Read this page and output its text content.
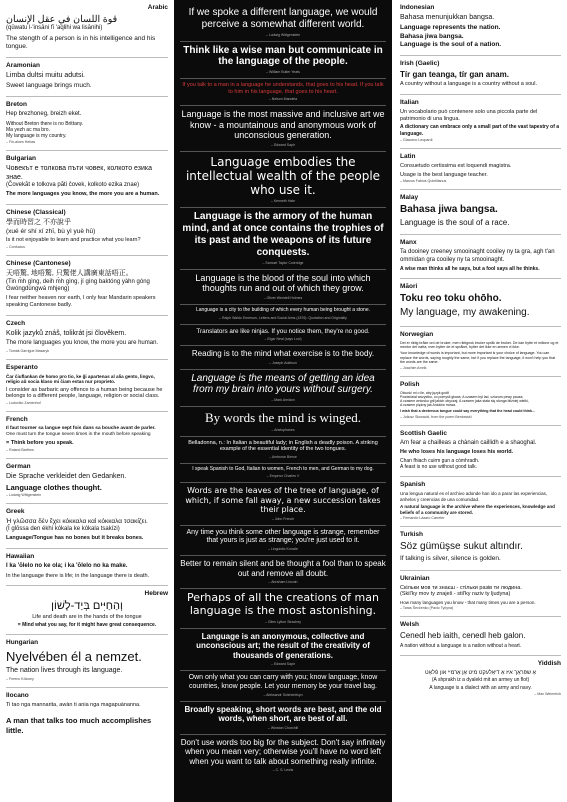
Arabic
قوة اللسان في عقل الإنسان
(qūwatu l-'insāni fī 'aqlihi wa lisānihi)
The stength of a person is in his intelligence and his tongue.
Aramonian
Limba dultsi muitu adutsi.
Sweet language brings much.
Breton
Hep brezhoneg, breizh eket.
Without Breton there is no Brittany.
Ma yezh ac ma bro.
My language is my country.
– Fin-aloes Hebas
Bulgarian
Човекът е толкова пъти човек, колкото езика знае.
(Čovekăt e tolkova păti čovek, kolkoto ezika znae)
The more languages you know, the more you are a human.
Chinese (Classical)
學而時習之 不亦說乎
(xué ér shí xí zhī, bù yì yuè hū)
Is it not enjoyable to learn and practice what you learn?
– Confucius
Chinese (Cantonese)
天唔驚, 地唔驚, 只驚佬人講廣東話唔正。
(Tin m̀h gìng, deih m̀h gìng, jí gìng baktóng yàhn góng Gwóngdùngwá mhjeng)
I fear neither heaven nor earth, I only fear Mandarin speakers speaking Cantonese badly.
Czech
Kolik jazyků znáš, tolikrát jsi člověkem.
The more languages you know, the more you are human.
– Tomáš Garrigue Masaryk
Esperanto
Ĉar ĉiuflankan de homo pro tio, ke ĝi apartenas al alia gento, lingvo, religio aŭ socia klaso mi ĉiam estas nur proprieto.
I consider as barbaric any offence to a human being because he belongs to a different people, language, religion or social class.
– Ludoviko Zamenhof
French
Il faut tourner sa langue sept fois dans sa bouche avant de parler.
One must turn the tongue seven times in the mouth before speaking
= Think before you speak.
– Roland Barthes
German
Die Sprache verkleidet den Gedanken.
Language clothes thought.
– Ludwig Wittgenstein
Greek
Ἡ γλῶσσα δὲν ἔχει κόκκαλα καὶ κόκκαλα τσακίζει.
(Ī glōssa den ékhi kókala ke kókala tsakízi)
Language/Tongue has no bones but it breaks bones.
Hawaiian
I ka 'ōlelo no ke ola; i ka 'ōlelo no ka make.
In the language there is life; in the language there is death.
Hebrew
וְהַחַיִּים בְּיַד-לָשׁוֹן
Life and death are in the hands of the tongue
= Mind what you say, for it might have great consequence.
Hungarian
Nyelvében él a nemzet.
The nation lives through its language.
– Ferenc Kölcsey
Ilocano
Ti tao nga mannarita, awàn ti ania nga magapuánanna.
A man that talks too much accomplishes little.
If we spoke a different language, we would perceive a somewhat different world.
– Ludwig Wittgenstein
Think like a wise man but communicate in the language of the people.
– William Butler Yeats
If you talk to a man in a language he understands, that goes to his head. If you talk to him in his language, that goes to his heart.
– Nelson Mandela
Language is the most massive and inclusive art we know - a mountainous and anonymous work of unconscious generation.
– Edward Sapir
Language embodies the intellectual wealth of the people who use it.
– Kenneth Hale
Language is the armory of the human mind, and at once contains the trophies of its past and the weapons of its future conquests.
– Samuel Taylor Coleridge
Language is the blood of the soul into which thoughts run and out of which they grow.
– Oliver Wendell Holmes
Language is a city to the building of which every human being brought a stone.
– Ralph Waldo Emerson, Letters and Social Aims (1876): Quotation and Originality
Translators are like ninjas. If you notice them, they're no good.
– Elgar Neal (says Loci)
Reading is to the mind what exercise is to the body.
– Joseph Addison
Language is the means of getting an idea from my brain into yours without surgery.
– Mark Amidon
By words the mind is winged.
– Aristophanes
Belladonna, n.: In Italian a beautiful lady; in English a deadly poison. A striking example of the essential identity of the two tongues.
– Ambrose Bierce
I speak Spanish to God, Italian to women, French to men, and German to my dog.
– Emperor Charles V
Words are the leaves of the tree of language, of which, if some fall away, a new succession takes their place.
– John French
Any time you think some other language is strange, remember that yours is just as strange; you're just used to it.
– Linguistic Knowle
Better to remain silent and be thought a fool than to speak out and remove all doubt.
– Abraham Lincoln
Perhaps of all the creations of man language is the most astonishing.
– Giles Lytton Strachey
Language is an anonymous, collective and unconscious art; the result of the creativity of thousands of generations.
– Edward Sapir
Own only what you can carry with you; know language, know countries, know people. Let your memory be your travel bag.
– Aleksandr Solzhenitsyn
Broadly speaking, short words are best, and the old words, when short, are best of all.
– Winston Churchill
Don't use words too big for the subject. Don't say infinitely when you mean very; otherwise you'll have no word left when you want to talk about something really infinite.
– C. S. Lewis
Indonesian
Bahasa menunjukkan bangsa.
Language represents the nation.
Bahasa jiwa bangsa.
Language is the soul of a nation.
Irish (Gaelic)
Tír gan teanga, tír gan anam.
A country without a language is a country without a soul.
Italian
Un vocabolario può contenere solo una piccola parte del patrimonio di una lingua.
A dictionary can embrace only a small part of the vast tapestry of a language.
– Giacomo Leopardi
Latin
Consuetudo certissima est loquendi magistra.
Usage is the best language teacher.
– Marcus Fabius Quintilianus
Malay
Bahasa jiwa bangsa.
Language is the soul of a race.
Manx
Ta dooiney creeney smooinaght cooiley ny ta gra, agh t'an ommidan gra cooiley ny ta smooinaght.
A wise man thinks all he says, but a fool says all he thinks.
Māori
Toku reo toku ohōho.
My language, my awakening.
Norwegian
Det er riktig bråke ord de bruker, men riktignok bruker språk de bruker. De kan bytte et milione og et mentor det nøtta, men bytter de et språket, bytter det ikke en ørmen vi ikke.
Your knowledge of words is important, but more important is your choice of language. You can replace the words, saying roughly the same, but if you replace the language, it won't help you that the words are the same.
– Joachim Amrik
Polish
Obcość mi o ile, aby język godił
Powiedział wszystko, co pomyśli głowa; A czasem był lad, cziurum pewy pauza;
A czasem wniosku grił jakich obyczaj; A czasem jaka stała się słonga bliżniej wielki,
A czasem piękny jak Aniołów mowa.
I wish that a dexterous tongue could say everything that the head could think...
– Juliusz Słowacki, from the poem Beniowski
Scottish Gaelic
Am fear a chailleas a chànain caillidh e a shaoghal.
He who loses his language loses his world.
Chan fhiach cuirm gun a còmhradh.
A feast is no use without good talk.
Spanish
Una lengua natural es el archivo adonde han ido a parar las experiencias, anhelos y creencias de una comunidad.
A natural language is the archive where the experiences, knowledge and beliefs of a community are stored.
– Fernando Lázaro Carreter
Turkish
Söz gümüşse sukut altındır.
If talking is silver, silence is golden.
Ukrainian
Скільки мов ти знаєш - стільки разів ти людина.
(Skil'ky mov ty znaješ - stil'ky raziv ty ljudyna)
How many languages you know - that many times you are a person.
– Taras Ševčenko (Pavlo Tyčyna)
Welsh
Cenedl heb iaith, cenedl heb galon.
A nation without a language is a nation without a heart.
Yiddish
אַ שפּראַך איז אַ דיאַלעקט מיט אַן אַרמיי און פֿלאָט
(A shprakh iz a dyalekt mit an armey un flot)
A language is a dialect with an army and navy.
– Max Weinreich
